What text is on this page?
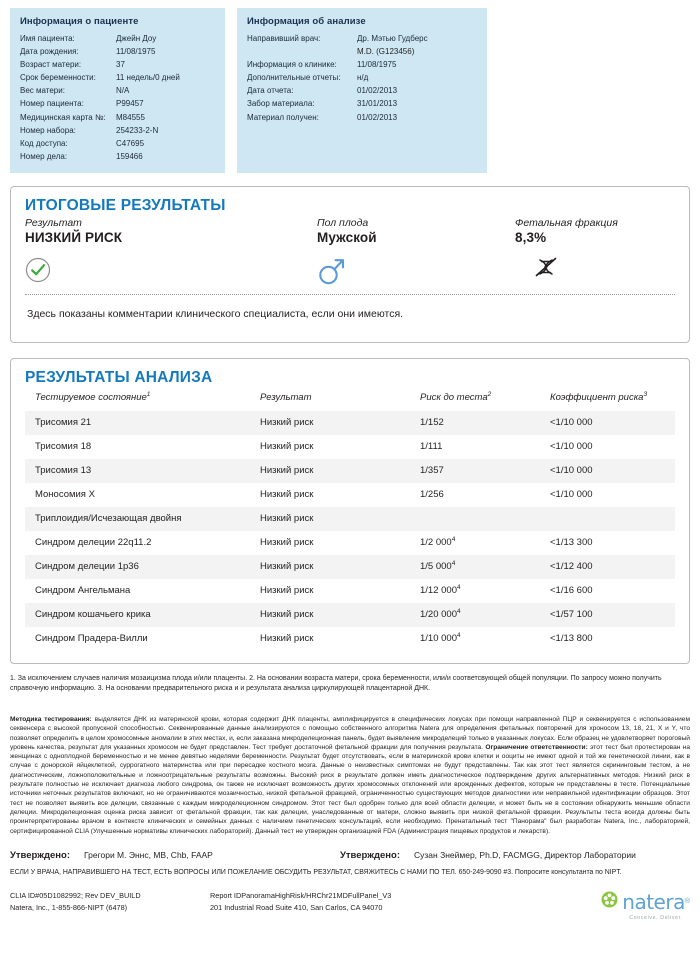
Информация о пациенте
Имя пациента:	Джейн Доу
Дата рождения:	11/08/1975
Возраст матери:	37
Срок беременности:	11 недель/0 дней
Вес матери:	N/A
Номер пациента:	P99457
Медицинская карта №:	M84555
Номер набора:	254233-2-N
Код доступа:	C47695
Номер дела:	159466
Информация об анализе
Направивший врач:	Др. Мэтью Гудберс
M.D. (G123456)
Информация о клинике:	11/08/1975
Дополнительные отчеты:	н/д
Дата отчета:	01/02/2013
Забор материала:	31/01/2013
Материал получен:	01/02/2013
ИТОГОВЫЕ РЕЗУЛЬТАТЫ
Результат
НИЗКИЙ РИСК
Пол плода
Мужской
Фетальная фракция
8,3%
Здесь показаны комментарии клинического специалиста, если они имеются.
РЕЗУЛЬТАТЫ АНАЛИЗА
Тестируемое состояние$^1$	Результат	Риск до теста$^2$	Коэффициент риска$^3$
Трисомия 21	Низкий риск	1/152	<1/10 000
Трисомия 18	Низкий риск	1/111	<1/10 000
Трисомия 13	Низкий риск	1/357	<1/10 000
Моносомия X	Низкий риск	1/256	<1/10 000
Триплоидия/Исчезающая двойня	Низкий риск		
Синдром делеции 22q11.2	Низкий риск	1/2 $000^4$	<1/13 300
Синдром делеции 1p36	Низкий риск	1/5 $000^4$	<1/12 400
Синдром Ангельмана	Низкий риск	1/12 $000^4$	<1/16 600
Синдром кошачьего крика	Низкий риск	1/20 $000^4$	<1/57 100
Синдром Прадера-Вилли	Низкий риск	1/10 $000^4$	<1/13 800
1. За исключением случаев наличия мозаицизма плода и/или плаценты. 2. На основании возраста матери, срока беременности, или/и соответсвующей общей популяции. По запросу можно получить справочную информацию. 3. На основании предварительного риска и и результата анализа циркулирующей плацентарной ДНК.
Методика тестирования: выделяется ДНК из материнской крови, которая содержит ДНК плаценты, амплифицируется в специфических локусах при помощи направленной ПЦР и секвенируется с использованием секвенсера с высокой пропускной способностью. Секвенированные данные анализируются с помощью собственного алгоритма Natera для определения фетальных повторений для хроносом 13, 18, 21, X и Y, что позволяет определить в целом хромосомные аномалии в этих местах, и, если заказана микроделеционная панель, будет выявление микроделеций только в указанных локусах. Если образец не удовлетворяет пороговый уровень качества, результат для указанных хромосом не будет представлен. Тест требует достаточной фетальной фракции для получения результата. Ограничение ответственности: этот тест был протестирован на женщинах с одноплодной беременностью и не менее девятью неделями беременности. Результат будет отсутствовать, если в материнской крови клетки и ооциты не имеют одной и той же генетической линии, как в случае с донорской яйцеклеткой, суррогатного материнства или при пересадке костного мозга. Данные о неизвестных симптомах не будут представлены. Так как этот тест является скрининговым тестом, а не диагностическим, ложноположительные и ложноотрицательные результаты возможны. Высокий риск в результате должен иметь диагностическое подтверждение других альтернативных методов. Низкий риск в результате полностью не исключает диагноза любого синдрома, он также не исключает возможность других хромосомных отклонений или врожденных дефектов, которые не представлены в тесте. Потенциальные источники неточных результатов включают, но не ограничиваются мозаичностью, низкой фетальной фракцией, ограниченностью существующих методов диагностики или неправильной идентификации образцов. Этот тест не позволяет выявить все делеции, связанные с каждым микроделеционном синдромом. Этот тест был одобрен только для всей области делеции, и может быть не в состоянии обнаружить меньшие области делеции. Микроделеционная оценка риска зависит от фетальной фракции, так как делеции, унаследованные от матери, сложно выявить при низкой фетальной фракции. Результыты теста всегда должны быть проинтерпретированы врачом в контексте клинических и семейных данных с наличием генетических консультаций, если необходимо. Пренатальный тест "Панорама" был разработан Natera, Inc., лабораторией, сертифицированной CLIA (Улучшенные нормативы клинических лабораторий). Данный тест не утвержден организацией FDA (Администрация пищевых продуктов и лекарств).
Утверждено: Грегори М. Эннс, MB, Chb, FAAP	Утверждено: Сузан Знеймер, Ph.D, FACMGG, Директор Лаборатории
ЕСЛИ У ВРАЧА, НАПРАВИВШЕГО НА ТЕСТ, ЕСТЬ ВОПРОСЫ ИЛИ ПОЖЕЛАНИЕ ОБСУДИТЬ РЕЗУЛЬТАТ, СВЯЖИТЕСЬ С НАМИ ПО ТЕЛ. 650-249-9090 #3. Попросите консультанта по NIPT.
CLIA ID#05D1082992; Rev DEV_BUILD
Natera, Inc., 1-855-866-NIPT (6478)
Report IDPanoramaHighRisk/HRChr21MDFullPanel_V3
201 Industrial Road Suite 410, San Carlos, CA 94070	natera ®
Conceive. Deliver.
